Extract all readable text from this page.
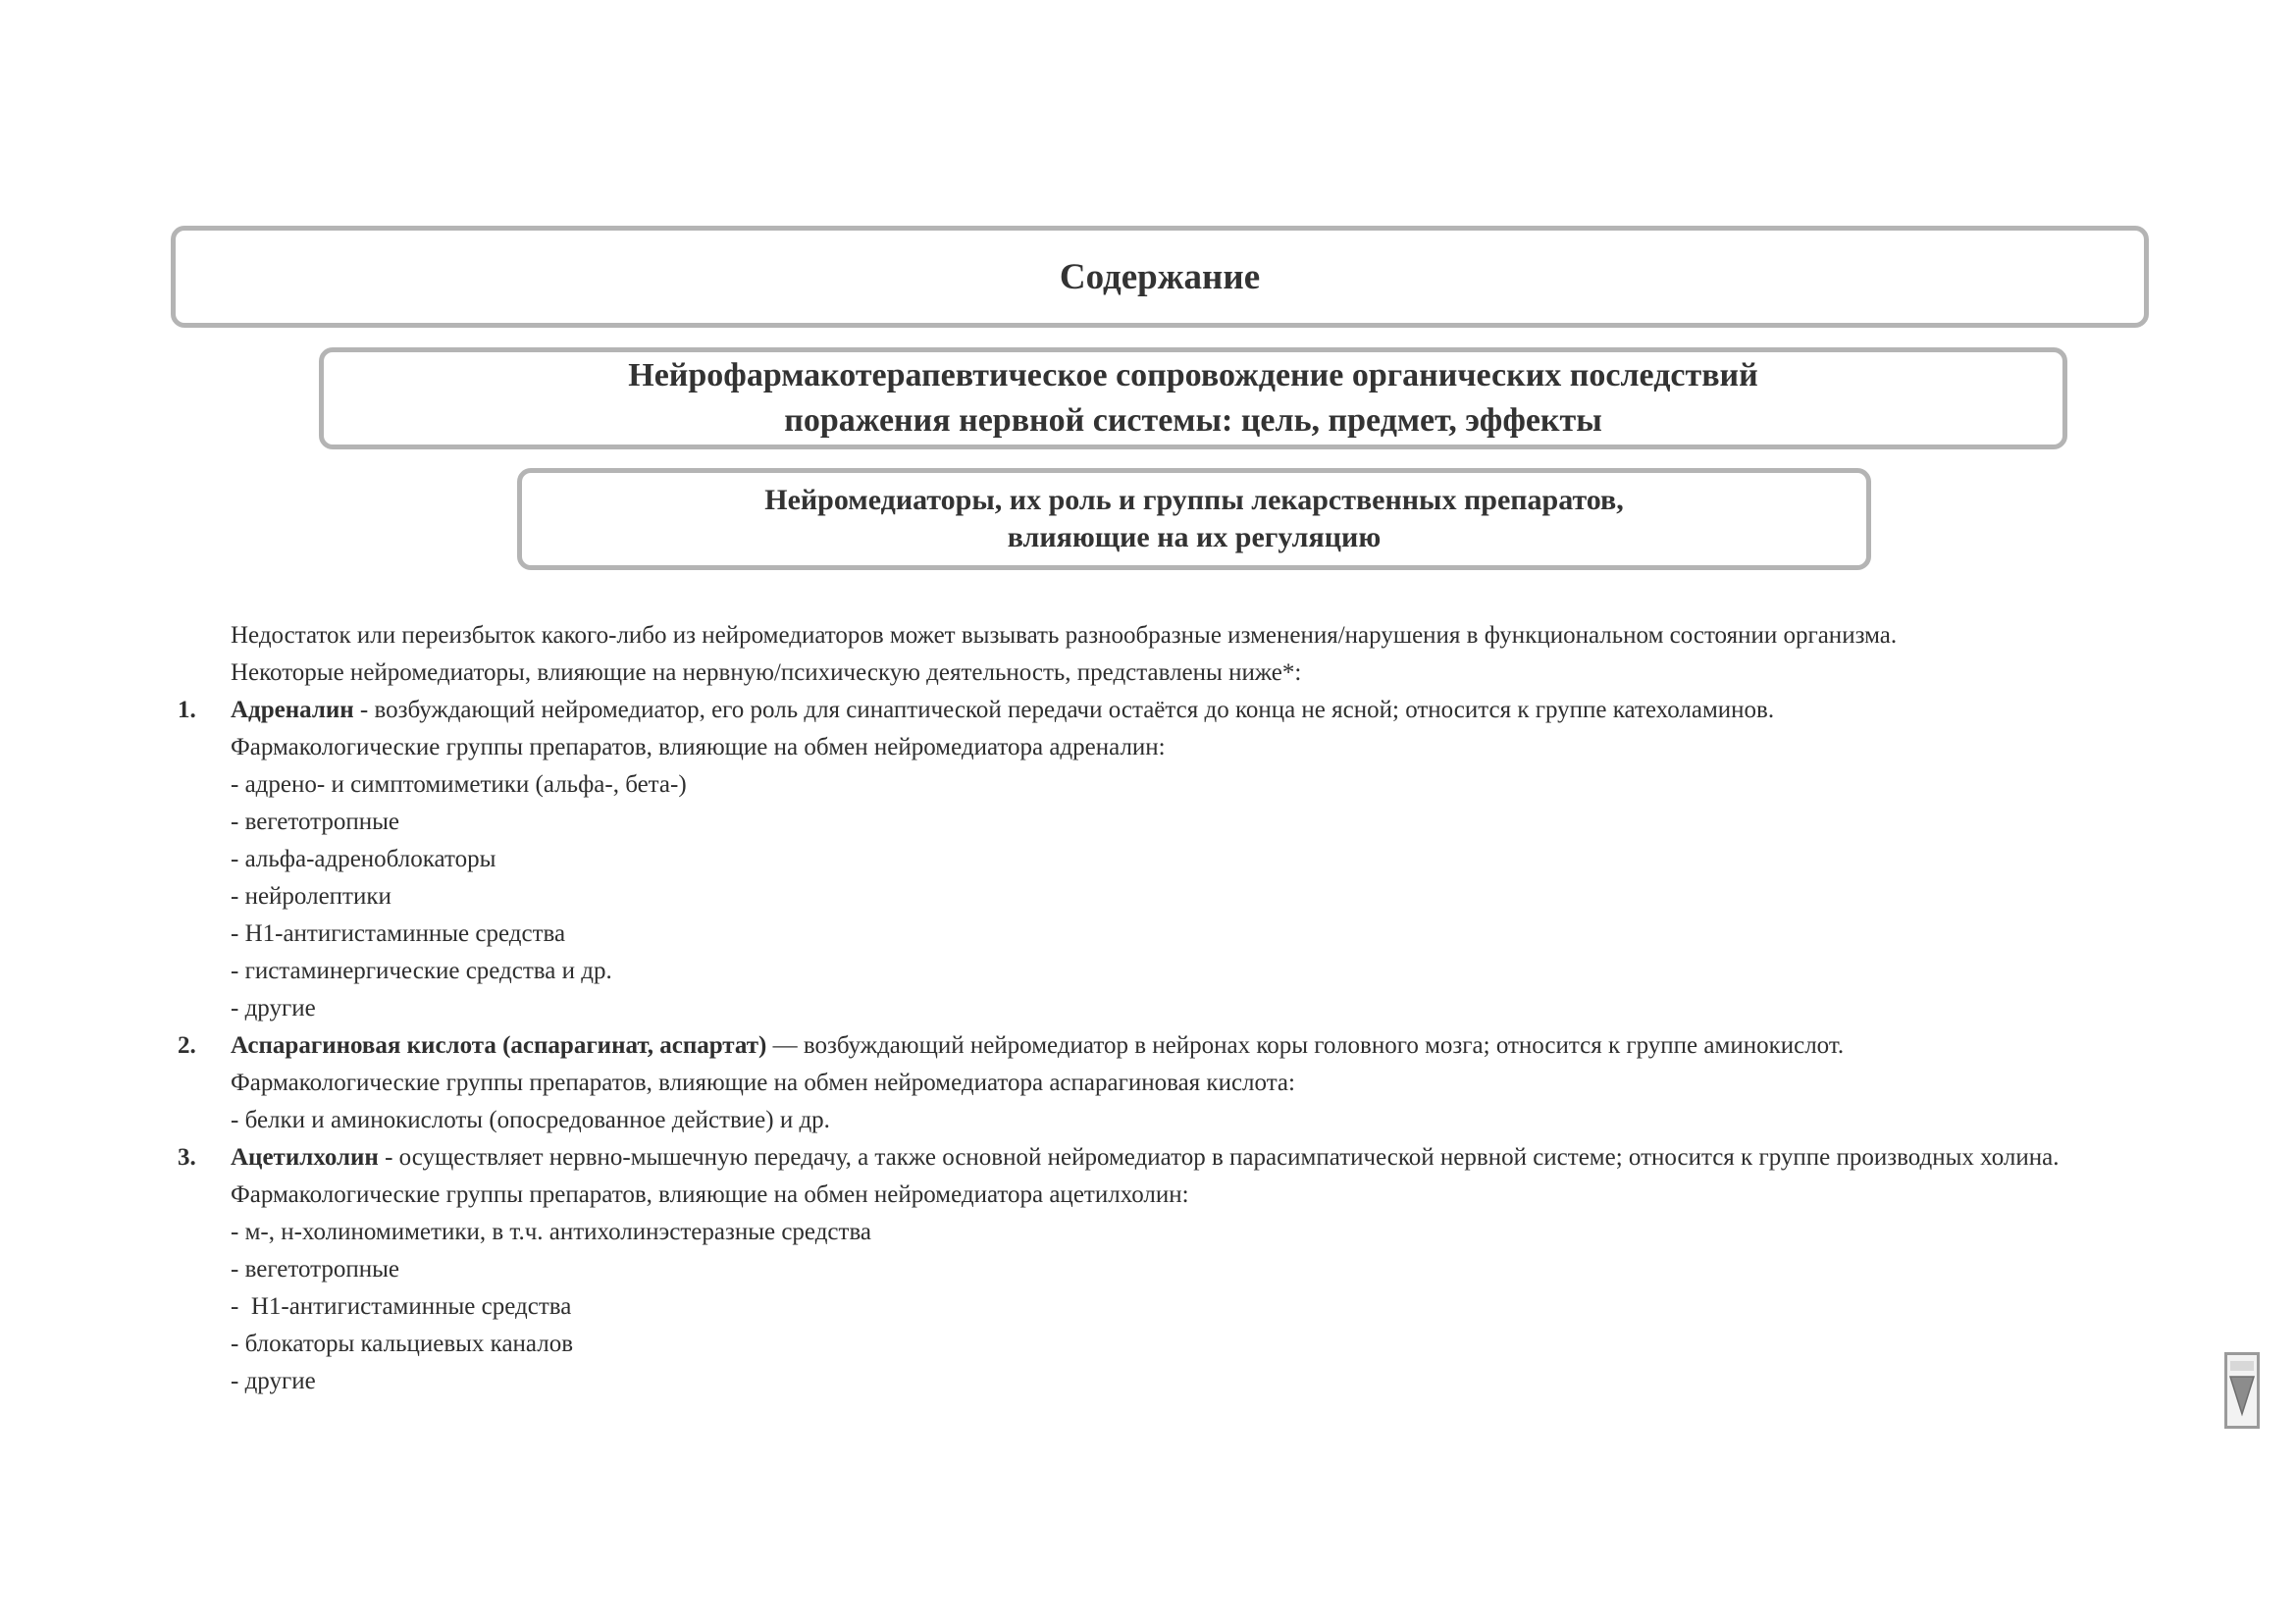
Содержание
Нейрофармакотерапевтическое сопровождение органических последствий
поражения нервной системы: цель, предмет, эффекты
Нейромедиаторы, их роль и группы лекарственных препаратов,
влияющие на их регуляцию
Недостаток или переизбыток какого-либо из нейромедиаторов может вызывать разнообразные изменения/нарушения в функциональном состоянии организма.
Некоторые нейромедиаторы, влияющие на нервную/психическую деятельность, представлены ниже*:
1. Адреналин - возбуждающий нейромедиатор, его роль для синаптической передачи остаётся до конца не ясной; относится к группе катехоламинов.
Фармакологические группы препаратов, влияющие на обмен нейромедиатора адреналин:
- адрено- и симптомиметики (альфа-, бета-)
- вегетотропные
- альфа-адреноблокаторы
- нейролептики
- Н1-антигистаминные средства
- гистаминергические средства и др.
- другие
2. Аспарагиновая кислота (аспарагинат, аспартат) — возбуждающий нейромедиатор в нейронах коры головного мозга; относится к группе аминокислот.
Фармакологические группы препаратов, влияющие на обмен нейромедиатора аспарагиновая кислота:
- белки и аминокислоты (опосредованное действие) и др.
3. Ацетилхолин - осуществляет нервно-мышечную передачу, а также основной нейромедиатор в парасимпатической нервной системе; относится к группе производных холина.
Фармакологические группы препаратов, влияющие на обмен нейромедиатора ацетилхолин:
- м-, н-холиномиметики, в т.ч. антихолинэстеразные средства
- вегетотропные
-  Н1-антигистаминные средства
- блокаторы кальциевых каналов
- другие
